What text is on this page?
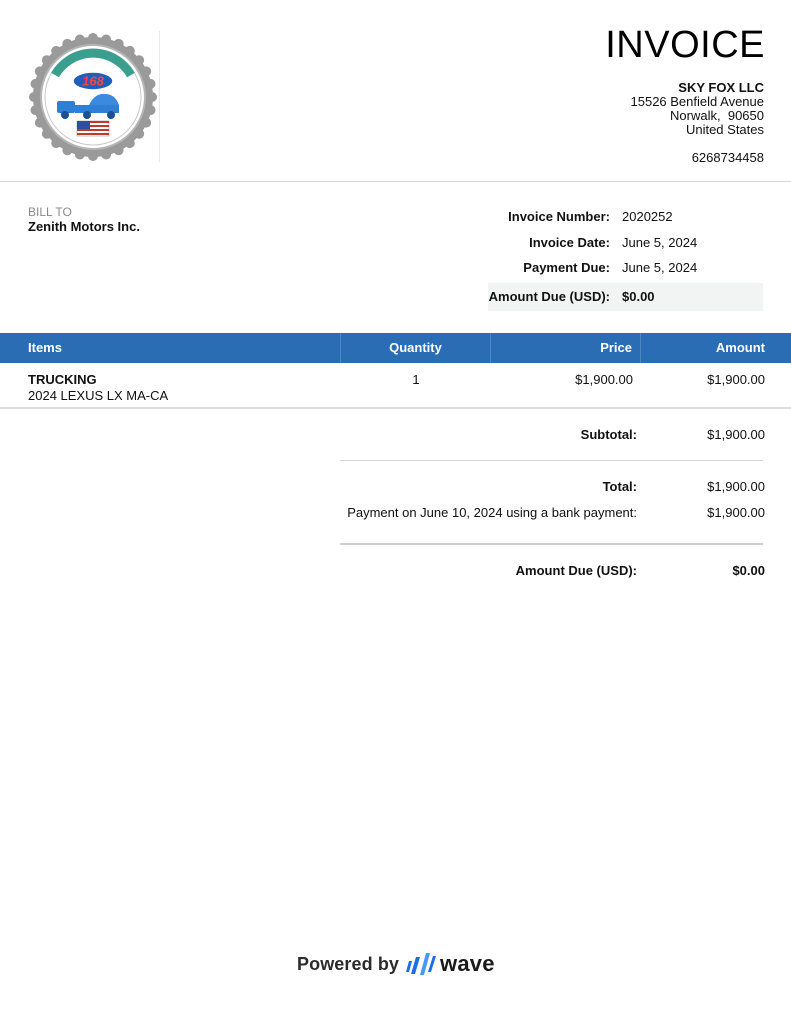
168
INVOICE
SKY FOX LLC
15526 Benfield Avenue
Norwalk,  90650
United States
6268734458
BILL TO
Zenith Motors Inc.
Invoice Number: 2020252
Invoice Date: June 5, 2024
Payment Due: June 5, 2024
Amount Due (USD): $0.00
Items	Quantity	Price	Amount
TRUCKING
2024 LEXUS LX MA-CA
1	$1,900.00	$1,900.00
Subtotal:	$1,900.00
Total:	$1,900.00
Payment on June 10, 2024 using a bank payment:	$1,900.00
Amount Due (USD):	$0.00
Powered by wave
